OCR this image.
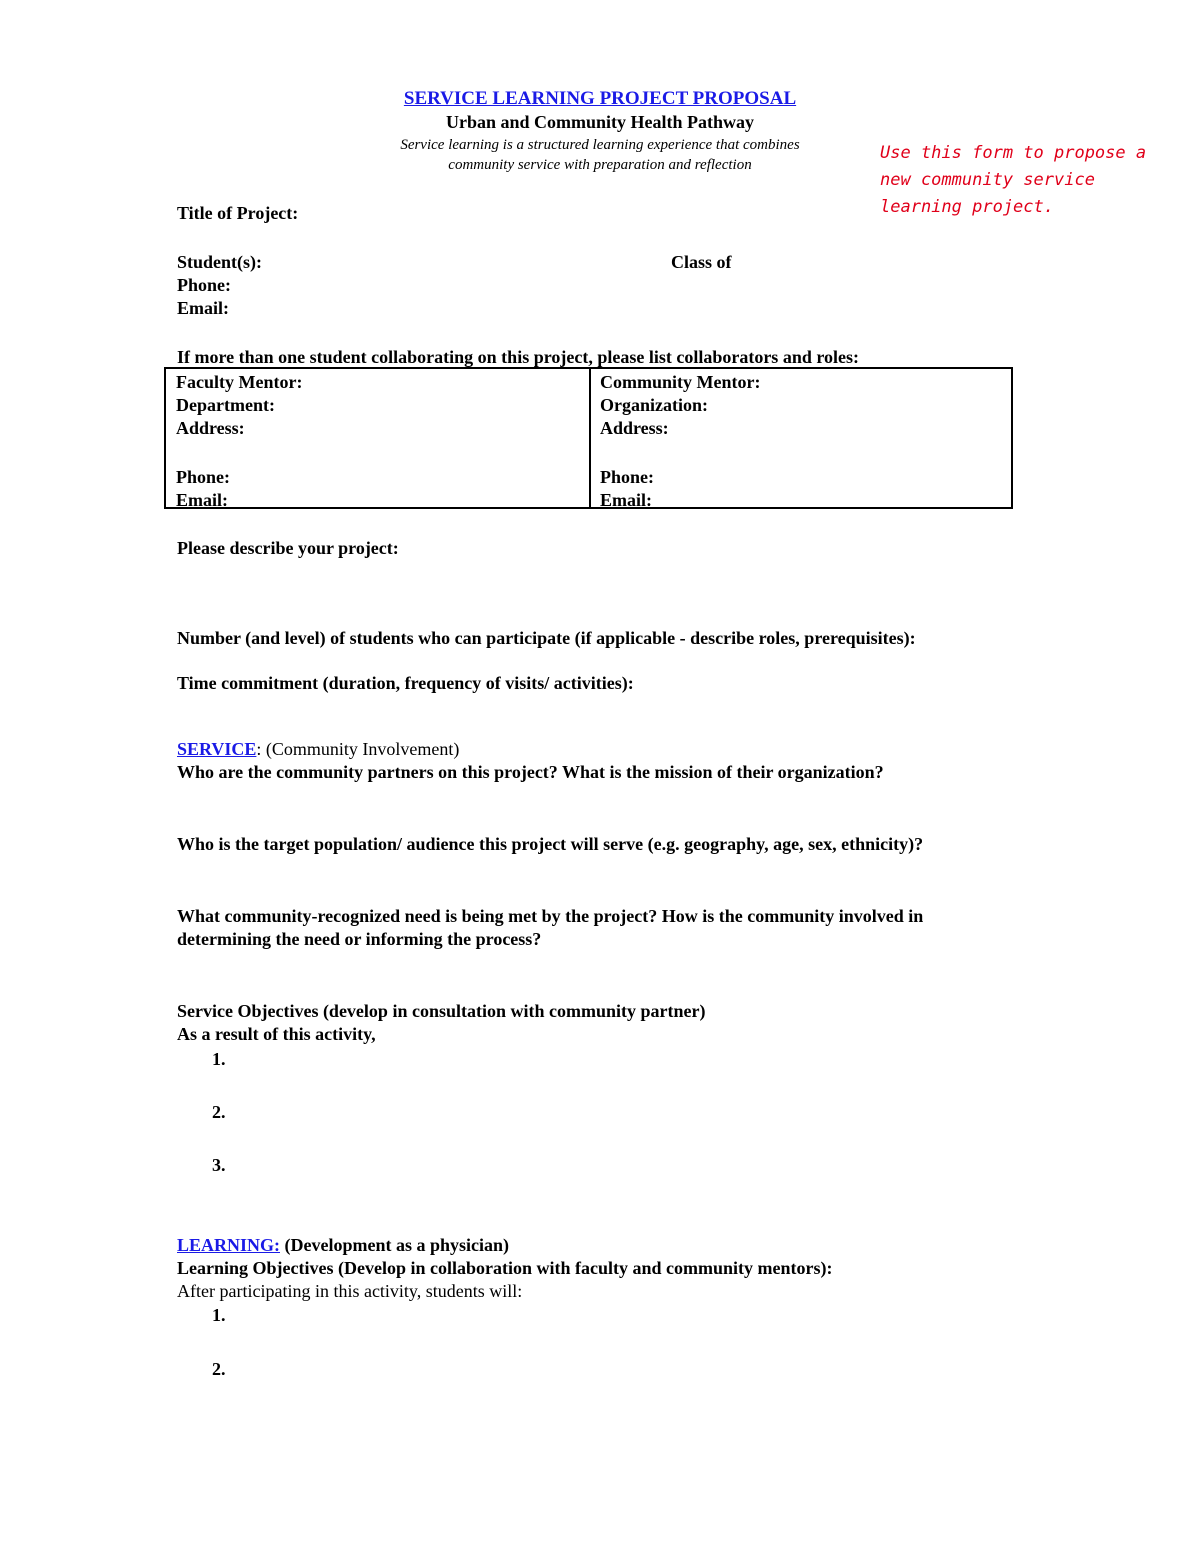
SERVICE LEARNING PROJECT PROPOSAL
Urban and Community Health Pathway
Service learning is a structured learning experience that combines
community service with preparation and reflection
Use this form to propose a new community service learning project.
Title of Project:
Student(s):	Class of
Phone:
Email:
If more than one student collaborating on this project, please list collaborators and roles:
Faculty Mentor:
Department:
Address:
Phone:
Email:
Community Mentor:
Organization:
Address:
Phone:
Email:
Please describe your project:
Number (and level) of students who can participate (if applicable - describe roles, prerequisites):
Time commitment (duration, frequency of visits/ activities):
SERVICE: (Community Involvement)
Who are the community partners on this project? What is the mission of their organization?
Who is the target population/ audience this project will serve (e.g. geography, age, sex, ethnicity)?
What community-recognized need is being met by the project? How is the community involved in
determining the need or informing the process?
Service Objectives (develop in consultation with community partner)
As a result of this activity,
1.
2.
3.
LEARNING: (Development as a physician)
Learning Objectives (Develop in collaboration with faculty and community mentors):
After participating in this activity, students will:
1.
2.
